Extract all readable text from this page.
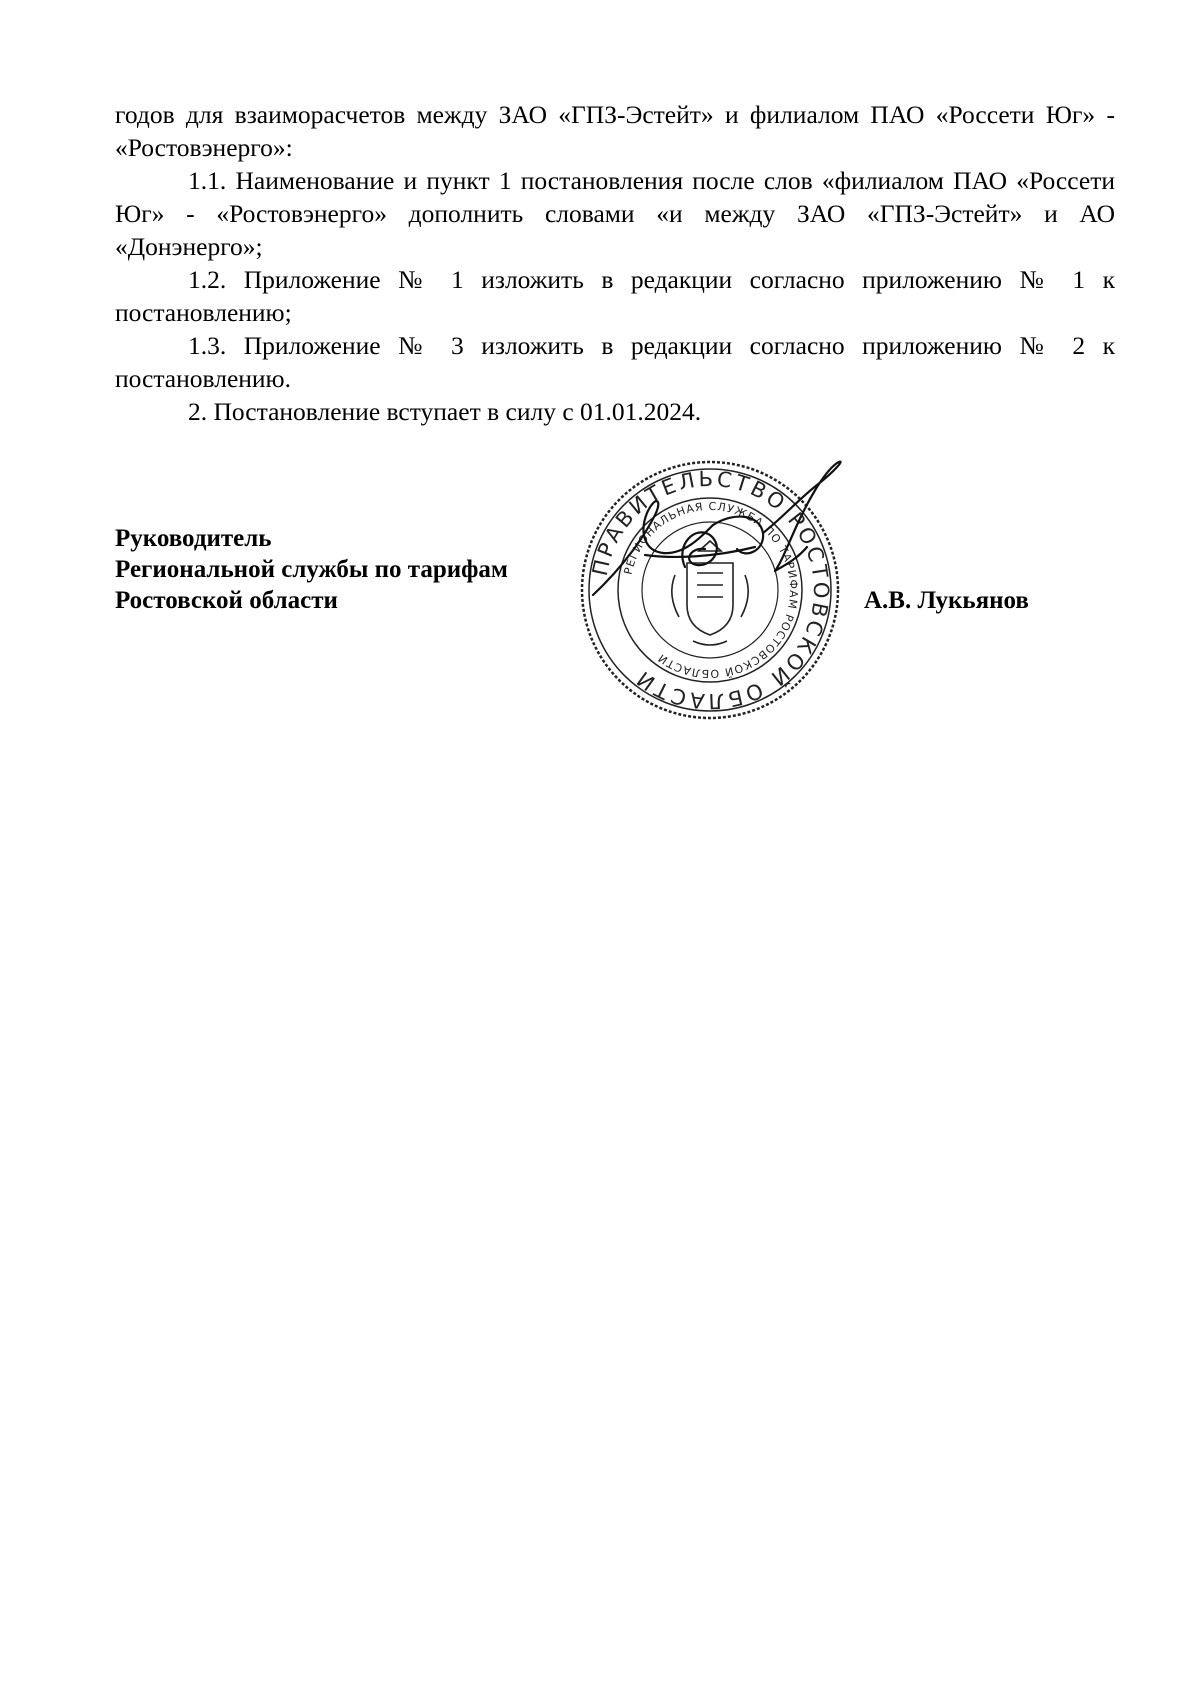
годов для взаиморасчетов между ЗАО «ГПЗ-Эстейт» и филиалом ПАО «Россети Юг» - «Ростовэнерго»:

1.1. Наименование и пункт 1 постановления после слов «филиалом ПАО «Россети Юг» - «Ростовэнерго» дополнить словами «и между ЗАО «ГПЗ-Эстейт» и АО «Донэнерго»;

1.2. Приложение № 1 изложить в редакции согласно приложению № 1 к постановлению;

1.3. Приложение № 3 изложить в редакции согласно приложению № 2 к постановлению.

2. Постановление вступает в силу с 01.01.2024.

Руководитель
Региональной службы по тарифам
Ростовской области
ПРАВИТЕЛЬСТВО РОСТОВСКОЙ ОБЛАСТИ
РЕГИОНАЛЬНАЯ СЛУЖБА ПО ТАРИФАМ РОСТОВСКОЙ ОБЛАСТИ
А.В. Лукьянов
